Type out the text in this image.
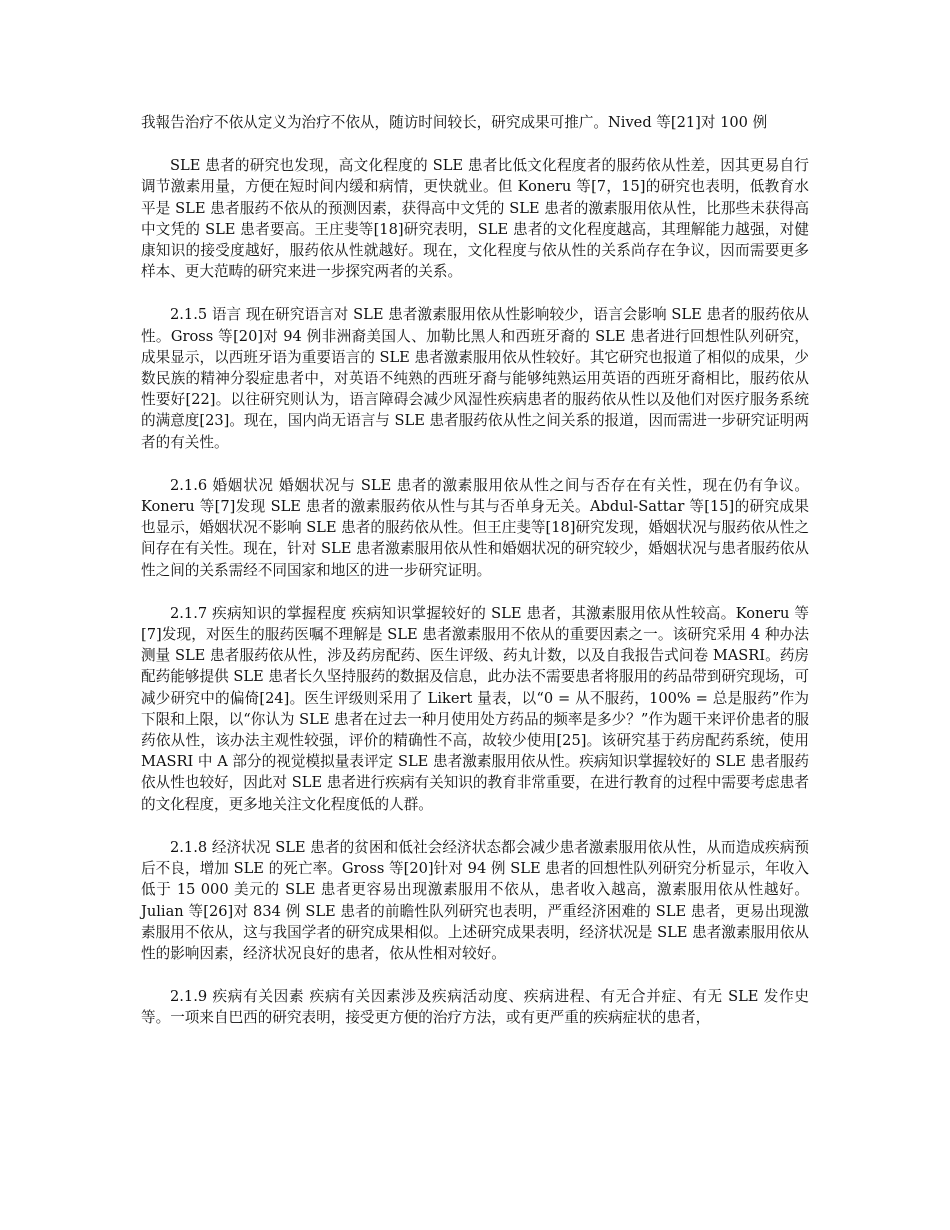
我報告治疗不依从定义为治疗不依从，随访时间较长，研究成果可推广。Nived 等[21]对 100 例

SLE 患者的研究也发现，高文化程度的 SLE 患者比低文化程度者的服药依从性差，因其更易自行调节激素用量，方便在短时间内缓和病情，更快就业。但 Koneru 等[7，15]的研究也表明，低教育水平是 SLE 患者服药不依从的预测因素，获得高中文凭的 SLE 患者的激素服用依从性，比那些未获得高中文凭的 SLE 患者要高。王庄斐等[18]研究表明，SLE 患者的文化程度越高，其理解能力越强，对健康知识的接受度越好，服药依从性就越好。现在，文化程度与依从性的关系尚存在争议，因而需要更多样本、更大范畴的研究来进一步探究两者的关系。

2.1.5 语言 现在研究语言对 SLE 患者激素服用依从性影响较少，语言会影响 SLE 患者的服药依从性。Gross 等[20]对 94 例非洲裔美国人、加勒比黑人和西班牙裔的 SLE 患者进行回想性队列研究，成果显示，以西班牙语为重要语言的 SLE 患者激素服用依从性较好。其它研究也报道了相似的成果，少数民族的精神分裂症患者中，对英语不纯熟的西班牙裔与能够纯熟运用英语的西班牙裔相比，服药依从性要好[22]。以往研究则认为，语言障碍会减少风湿性疾病患者的服药依从性以及他们对医疗服务系统的满意度[23]。现在，国内尚无语言与 SLE 患者服药依从性之间关系的报道，因而需进一步研究证明两者的有关性。

2.1.6 婚姻状况 婚姻状况与 SLE 患者的激素服用依从性之间与否存在有关性，现在仍有争议。Koneru 等[7]发现 SLE 患者的激素服药依从性与其与否单身无关。Abdul-Sattar 等[15]的研究成果也显示，婚姻状况不影响 SLE 患者的服药依从性。但王庄斐等[18]研究发现，婚姻状况与服药依从性之间存在有关性。现在，针对 SLE 患者激素服用依从性和婚姻状况的研究较少，婚姻状况与患者服药依从性之间的关系需经不同国家和地区的进一步研究证明。

2.1.7 疾病知识的掌握程度 疾病知识掌握较好的 SLE 患者，其激素服用依从性较高。Koneru 等[7]发现，对医生的服药医嘱不理解是 SLE 患者激素服用不依从的重要因素之一。该研究采用 4 种办法测量 SLE 患者服药依从性，涉及药房配药、医生评级、药丸计数，以及自我报告式问卷 MASRI。药房配药能够提供 SLE 患者长久坚持服药的数据及信息，此办法不需要患者将服用的药品带到研究现场，可减少研究中的偏倚[24]。医生评级则采用了 Likert 量表，以“0 = 从不服药，100% = 总是服药”作为下限和上限，以“你认为 SLE 患者在过去一种月使用处方药品的频率是多少？”作为题干来评价患者的服药依从性，该办法主观性较强，评价的精确性不高，故较少使用[25]。该研究基于药房配药系统，使用 MASRI 中 A 部分的视觉模拟量表评定 SLE 患者激素服用依从性。疾病知识掌握较好的 SLE 患者服药依从性也较好，因此对 SLE 患者进行疾病有关知识的教育非常重要，在进行教育的过程中需要考虑患者的文化程度，更多地关注文化程度低的人群。

2.1.8 经济状况 SLE 患者的贫困和低社会经济状态都会减少患者激素服用依从性，从而造成疾病预后不良，增加 SLE 的死亡率。Gross 等[20]针对 94 例 SLE 患者的回想性队列研究分析显示，年收入低于 15 000 美元的 SLE 患者更容易出现激素服用不依从，患者收入越高，激素服用依从性越好。Julian 等[26]对 834 例 SLE 患者的前瞻性队列研究也表明，严重经济困难的 SLE 患者，更易出现激素服用不依从，这与我国学者的研究成果相似。上述研究成果表明，经济状况是 SLE 患者激素服用依从性的影响因素，经济状况良好的患者，依从性相对较好。

2.1.9 疾病有关因素 疾病有关因素涉及疾病活动度、疾病进程、有无合并症、有无 SLE 发作史等。一项来自巴西的研究表明，接受更方便的治疗方法，或有更严重的疾病症状的患者，
